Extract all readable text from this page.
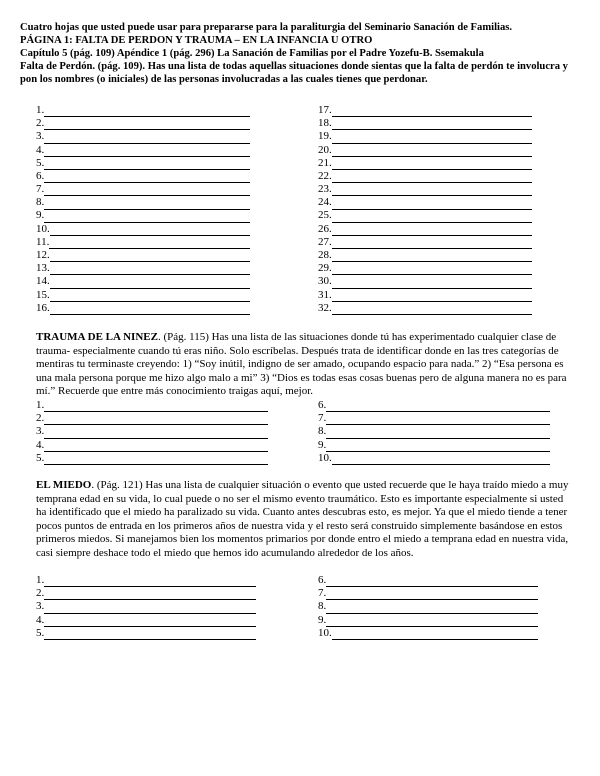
Cuatro hojas que usted puede usar para prepararse para la paraliturgia del Seminario Sanación de Familias.
PÁGINA 1: FALTA DE PERDON Y TRAUMA – EN LA INFANCIA U OTRO
Capítulo 5 (pág. 109) Apéndice 1 (pág. 296) La Sanación de Familias por el Padre Yozefu-B. Ssemakula
Falta de Perdón. (pág. 109). Has una lista de todas aquellas situaciones donde sientas que la falta de perdón te involucra y pon los nombres (o iniciales) de las personas involucradas a las cuales tienes que perdonar.
1.
2.
3.
4.
5.
6.
7.
8.
9.
10.
11.
12.
13.
14.
15.
16.
17.
18.
19.
20.
21.
22.
23.
24.
25.
26.
27.
28.
29.
30.
31.
32.
TRAUMA DE LA NINEZ. (Pág. 115) Has una lista de las situaciones donde tú has experimentado cualquier clase de trauma- especialmente cuando tú eras niño. Solo escríbelas. Después trata de identificar donde en las tres categorías de mentiras tu terminaste creyendo: 1) “Soy inútil, indigno de ser amado, ocupando espacio para nada.” 2) “Esa persona es una mala persona porque me hizo algo malo a mi” 3) “Dios es todas esas cosas buenas pero de alguna manera no es para mí.” Recuerde que entre más conocimiento traigas aquí, mejor.
1.
2.
3.
4.
5.
6.
7.
8.
9.
10.
EL MIEDO. (Pág. 121) Has una lista de cualquier situación o evento que usted recuerde que le haya traído miedo a muy temprana edad en su vida, lo cual puede o no ser el mismo evento traumático. Esto es importante especialmente si usted ha identificado que el miedo ha paralizado su vida. Cuanto antes descubras esto, es mejor. Ya que el miedo tiende a tener pocos puntos de entrada en los primeros años de nuestra vida y el resto será construido simplemente basándose en estos primeros miedos. Si manejamos bien los momentos primarios por donde entro el miedo a temprana edad en nuestra vida, casi siempre deshace todo el miedo que hemos ido acumulando alrededor de los años.
1.
2.
3.
4.
5.
6.
7.
8.
9.
10.
